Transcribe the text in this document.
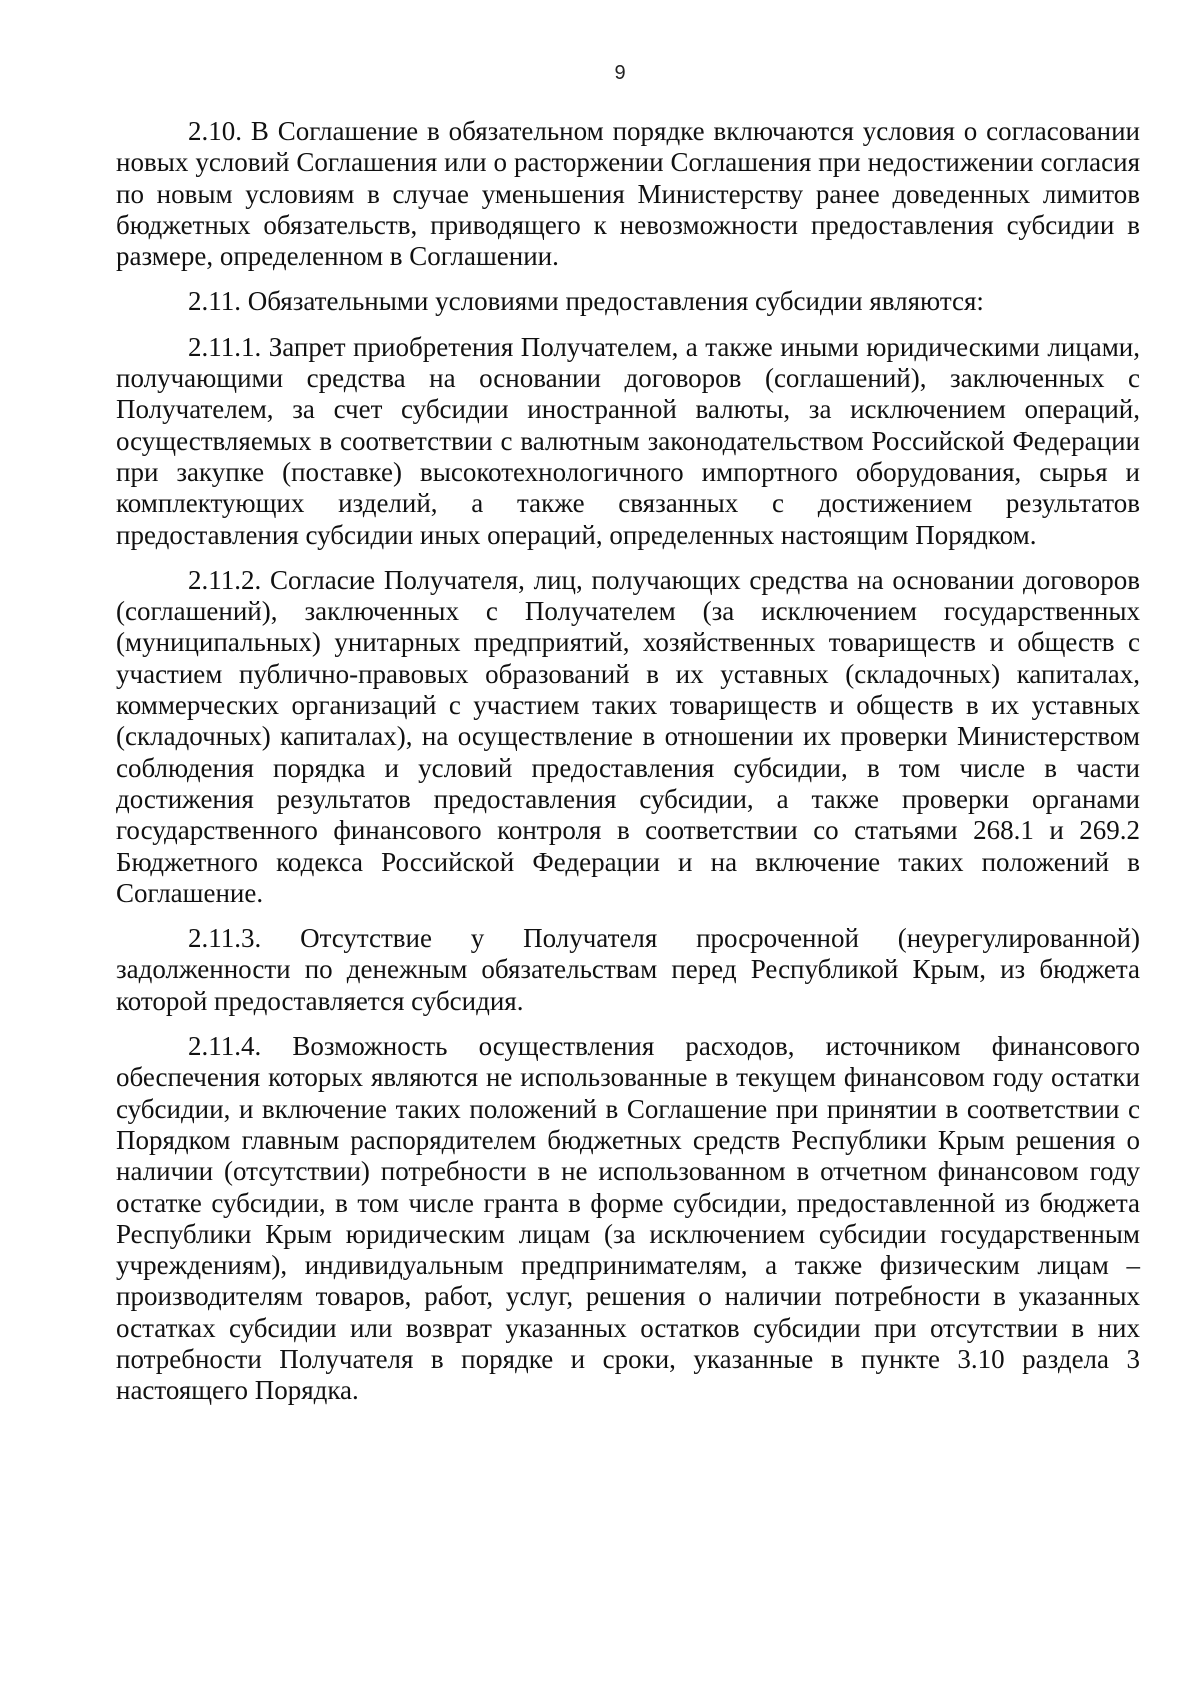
9

2.10. В Соглашение в обязательном порядке включаются условия о согласовании новых условий Соглашения или о расторжении Соглашения при недостижении согласия по новым условиям в случае уменьшения Министерству ранее доведенных лимитов бюджетных обязательств, приводящего к невозможности предоставления субсидии в размере, определенном в Соглашении.

2.11. Обязательными условиями предоставления субсидии являются:

2.11.1. Запрет приобретения Получателем, а также иными юридическими лицами, получающими средства на основании договоров (соглашений), заключенных с Получателем, за счет субсидии иностранной валюты, за исключением операций, осуществляемых в соответствии с валютным законодательством Российской Федерации при закупке (поставке) высокотехнологичного импортного оборудования, сырья и комплектующих изделий, а также связанных с достижением результатов предоставления субсидии иных операций, определенных настоящим Порядком.

2.11.2. Согласие Получателя, лиц, получающих средства на основании договоров (соглашений), заключенных с Получателем (за исключением государственных (муниципальных) унитарных предприятий, хозяйственных товариществ и обществ с участием публично-правовых образований в их уставных (складочных) капиталах, коммерческих организаций с участием таких товариществ и обществ в их уставных (складочных) капиталах), на осуществление в отношении их проверки Министерством соблюдения порядка и условий предоставления субсидии, в том числе в части достижения результатов предоставления субсидии, а также проверки органами государственного финансового контроля в соответствии со статьями 268.1 и 269.2 Бюджетного кодекса Российской Федерации и на включение таких положений в Соглашение.

2.11.3. Отсутствие у Получателя просроченной (неурегулированной) задолженности по денежным обязательствам перед Республикой Крым, из бюджета которой предоставляется субсидия.

2.11.4. Возможность осуществления расходов, источником финансового обеспечения которых являются не использованные в текущем финансовом году остатки субсидии, и включение таких положений в Соглашение при принятии в соответствии с Порядком главным распорядителем бюджетных средств Республики Крым решения о наличии (отсутствии) потребности в не использованном в отчетном финансовом году остатке субсидии, в том числе гранта в форме субсидии, предоставленной из бюджета Республики Крым юридическим лицам (за исключением субсидии государственным учреждениям), индивидуальным предпринимателям, а также физическим лицам – производителям товаров, работ, услуг, решения о наличии потребности в указанных остатках субсидии или возврат указанных остатков субсидии при отсутствии в них потребности Получателя в порядке и сроки, указанные в пункте 3.10 раздела 3 настоящего Порядка.
